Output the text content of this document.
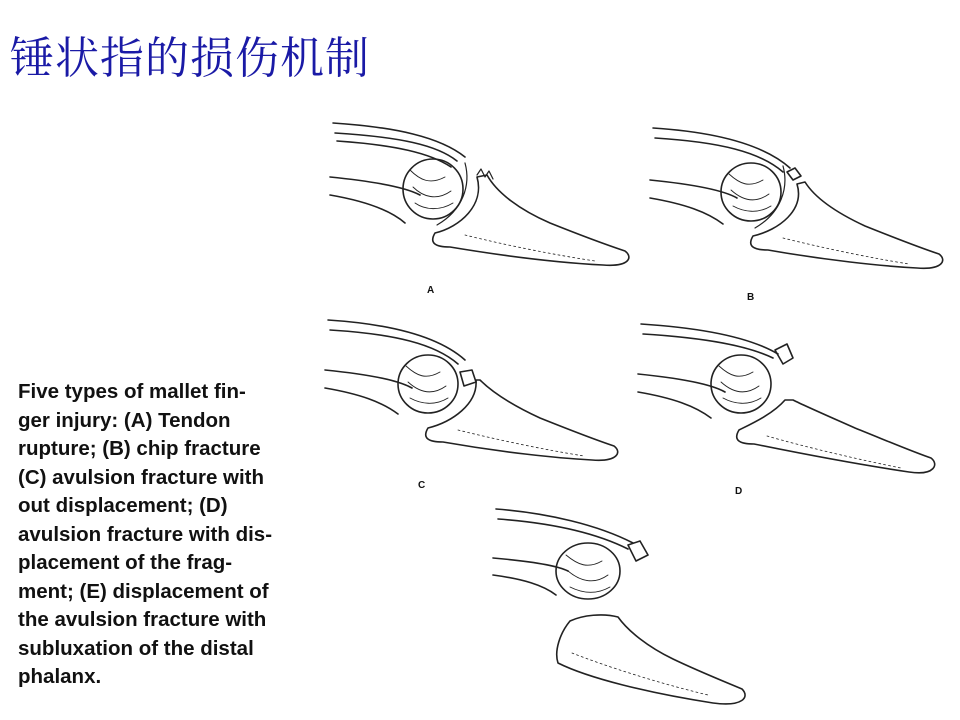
锤状指的损伤机制
Five types of mallet fin-
ger injury: (A) Tendon
rupture; (B) chip fracture
(C) avulsion fracture with
out displacement; (D)
avulsion fracture with dis-
placement of the frag-
ment; (E) displacement of
the avulsion fracture with
subluxation of the distal
phalanx.
A
B
C
D
